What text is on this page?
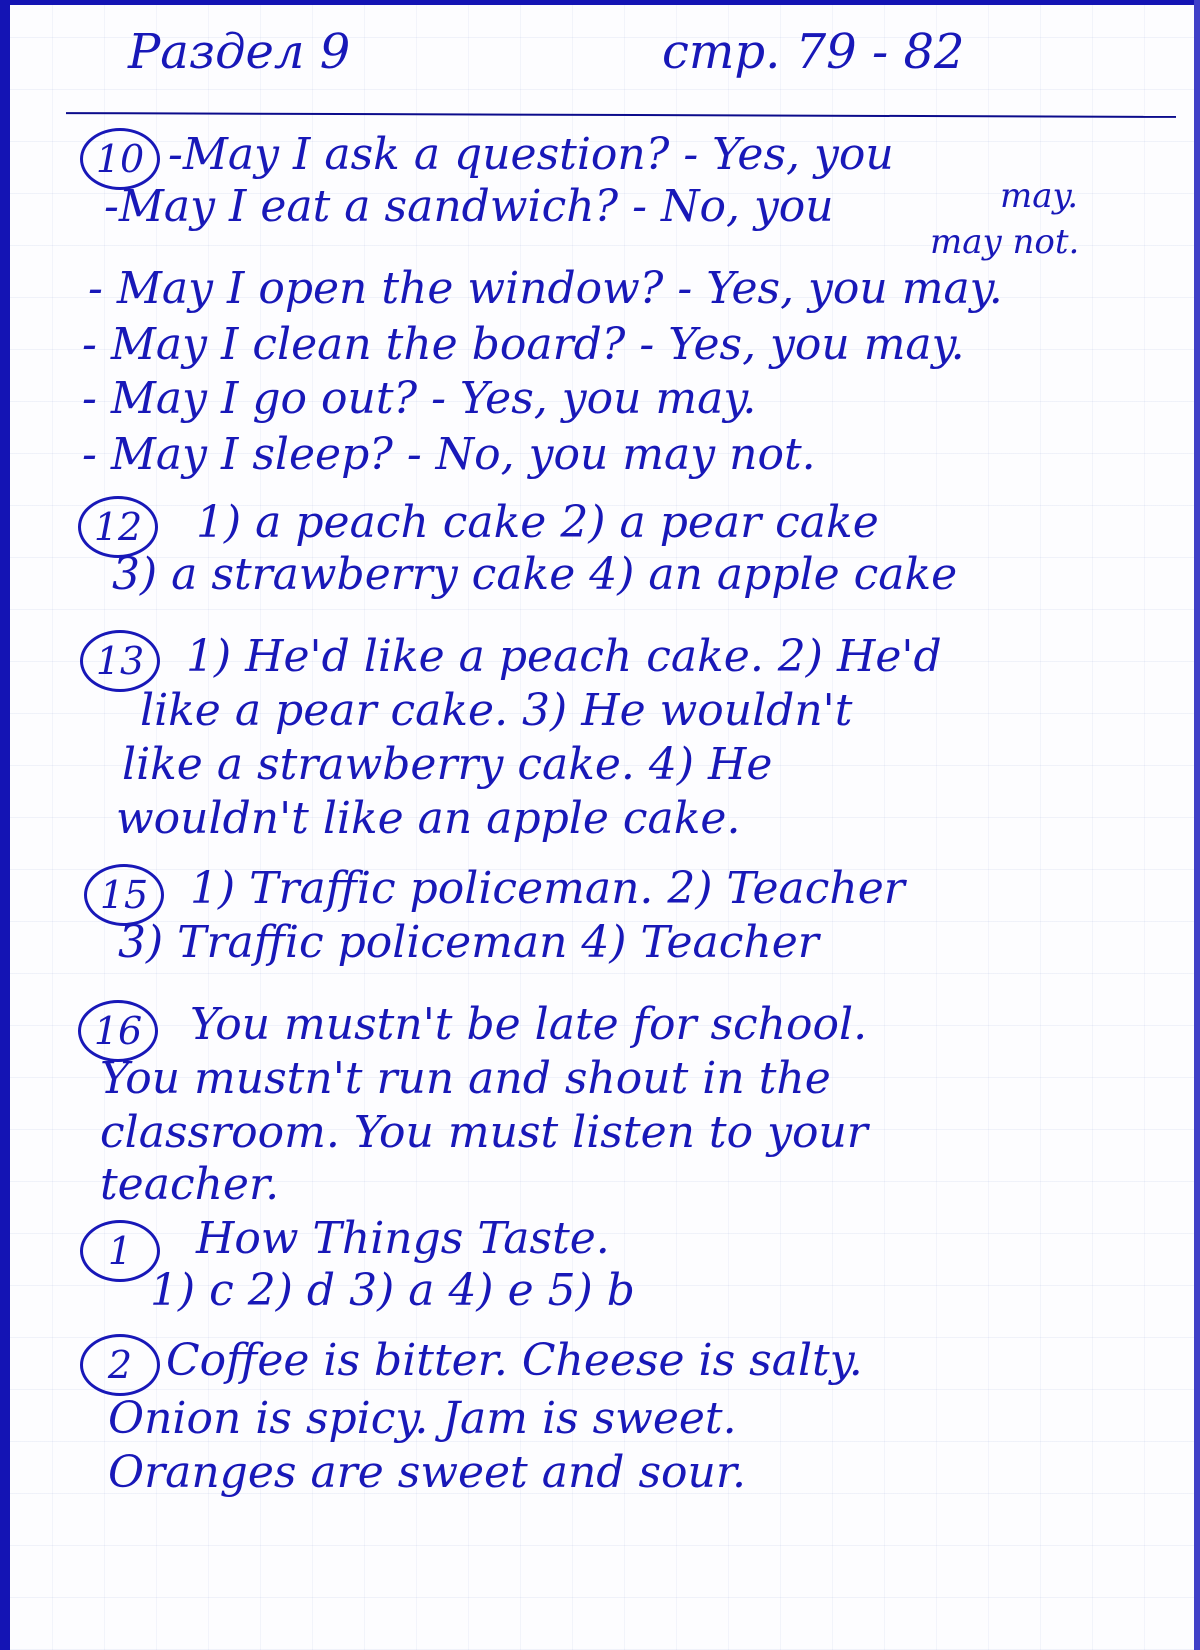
Раздел 9	стр. 79 - 82
10 -May I ask a question? - Yes, you
may.
-May I eat a sandwich? - No, you
may not.
- May I open the window? - Yes, you may.
- May I clean the board? - Yes, you may.
- May I go out? - Yes, you may.
- May I sleep? - No, you may not.
12	1) a peach cake 2) a pear cake
3) a strawberry cake 4) an apple cake
13 1) He'd like a peach cake. 2) He'd
like a pear cake. 3) He wouldn't
like a strawberry cake. 4) He
wouldn't like an apple cake.
15 1) Traffic policeman. 2) Teacher
3) Traffic policeman 4) Teacher
16	You mustn't be late for school.
You mustn't run and shout in the
classroom. You must listen to your
teacher.
1	How Things Taste.
1) c 2) d 3) a 4) e 5) b
2 Coffee is bitter. Cheese is salty.
Onion is spicy. Jam is sweet.
Oranges are sweet and sour.
